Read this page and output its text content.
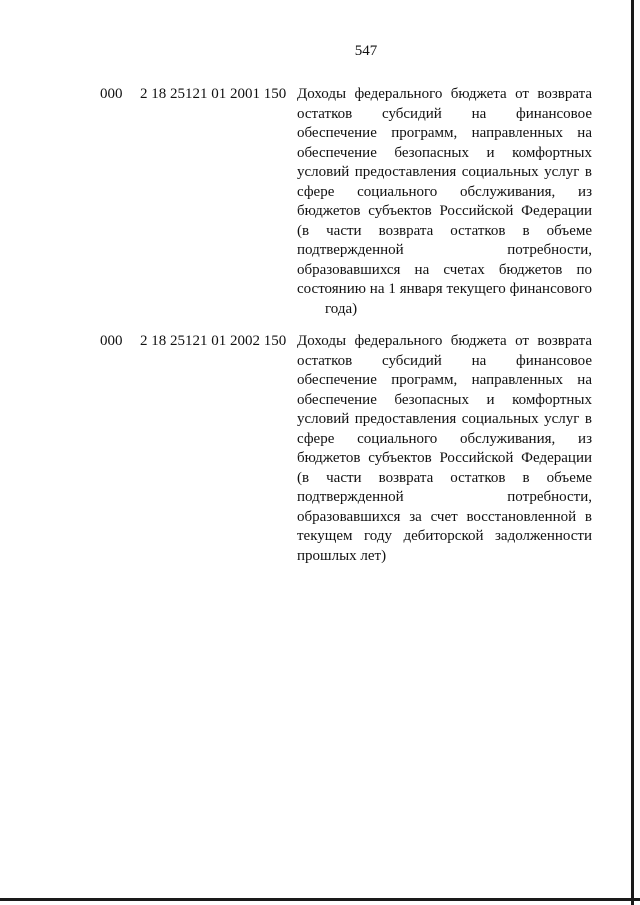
547
000 2 18 25121 01 2001 150 Доходы федерального бюджета от возврата
остатков субсидий на финансовое
обеспечение программ, направленных на
обеспечение безопасных и комфортных
условий предоставления социальных услуг в
сфере социального обслуживания, из
бюджетов субъектов Российской Федерации
(в части возврата остатков в объеме
подтвержденной потребности,
образовавшихся на счетах бюджетов по
состоянию на 1 января текущего финансового
года)
000 2 18 25121 01 2002 150 Доходы федерального бюджета от возврата
остатков субсидий на финансовое
обеспечение программ, направленных на
обеспечение безопасных и комфортных
условий предоставления социальных услуг в
сфере социального обслуживания, из
бюджетов субъектов Российской Федерации
(в части возврата остатков в объеме
подтвержденной потребности,
образовавшихся за счет восстановленной в
текущем году дебиторской задолженности
прошлых лет)
